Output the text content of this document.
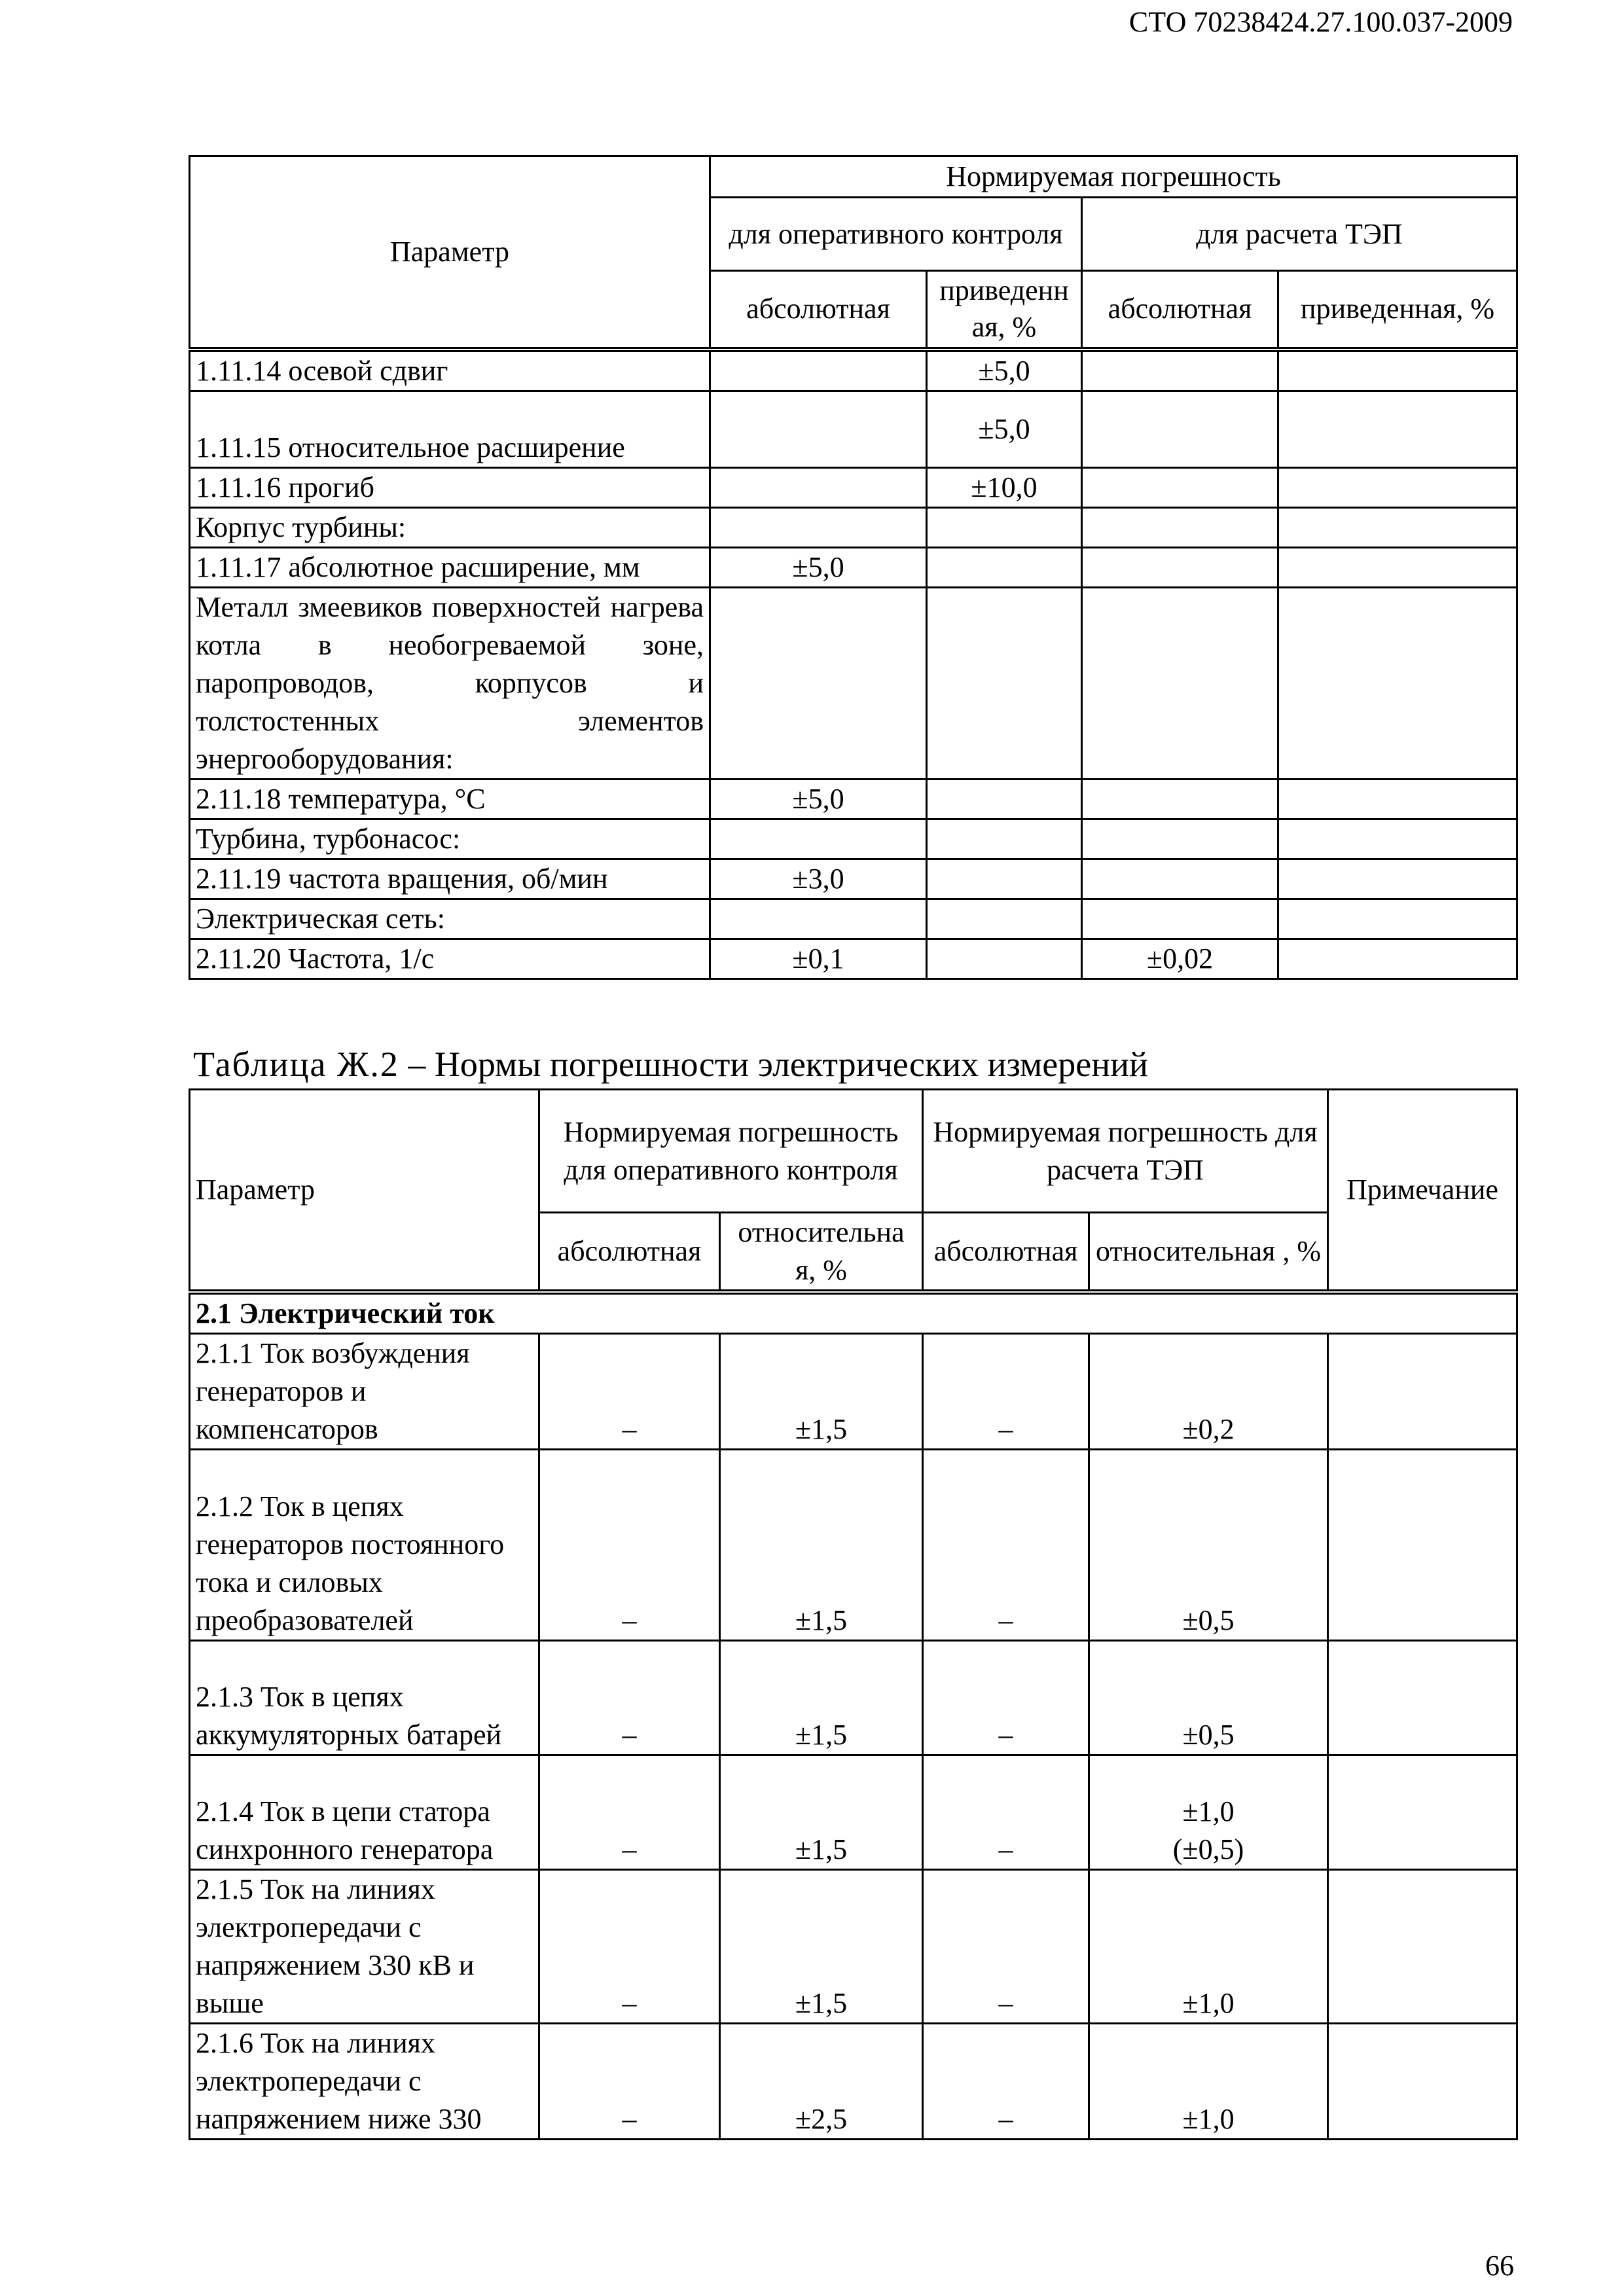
СТО 70238424.27.100.037-2009
Параметр	Нормируемая погрешность			
	для оперативного контроля		для расчета ТЭП	
	абсолютная	приведенн ая, %	абсолютная	приведенная, %
1.11.14 осевой сдвиг		±5,0		
1.11.15 относительное расширение		±5,0		
1.11.16 прогиб		±10,0		
Корпус турбины:				
1.11.17 абсолютное расширение, мм	±5,0			
Металл змеевиков поверхностей нагрева котла в необогреваемой зоне, паропроводов, корпусов и толстостенных элементов энергооборудования:				
2.11.18 температура, °С	±5,0			
Турбина, турбонасос:				
2.11.19 частота вращения, об/мин	±3,0			
Электрическая сеть:				
2.11.20 Частота, 1/с	±0,1		±0,02	
Таблица Ж.2 – Нормы погрешности электрических измерений
Параметр	Нормируемая погрешность для оперативного контроля		Нормируемая погрешность для расчета ТЭП		Примечание
	абсолютная	относительна я, %	абсолютная	относительная , %	
2.1 Электрический ток					
2.1.1 Ток возбуждения генераторов и компенсаторов	–	±1,5	–	±0,2	
2.1.2 Ток в цепях генераторов постоянного тока и силовых преобразователей	–	±1,5	–	±0,5	
2.1.3 Ток в цепях аккумуляторных батарей	–	±1,5	–	±0,5	
2.1.4 Ток в цепи статора синхронного генератора	–	±1,5	–	±1,0 (±0,5)	
2.1.5 Ток на линиях электропередачи с напряжением 330 кВ и выше	–	±1,5	–	±1,0	
2.1.6 Ток на линиях электропередачи с напряжением ниже 330	–	±2,5	–	±1,0	
66
